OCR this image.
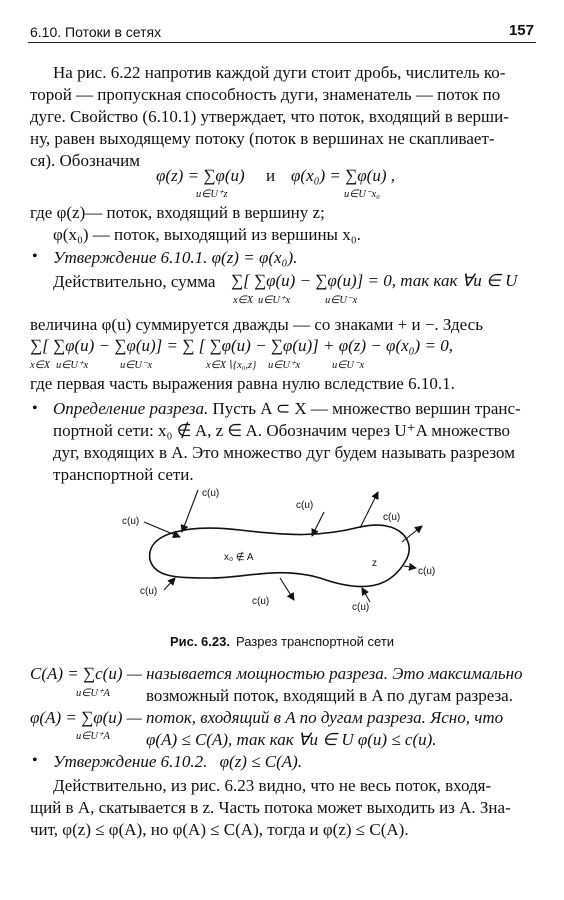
6.10. Потоки в сетях	157
На рис. 6.22 напротив каждой дуги стоит дробь, числитель ко-
торой — пропускная способность дуги, знаменатель — поток по
дуге. Свойство (6.10.1) утверждает, что поток, входящий в верши-
ну, равен выходящему потоку (поток в вершинах не скапливает-
ся). Обозначим
φ(z) = ∑φ(u)
u∈U⁺z
и φ(x₀) = ∑φ(u) ,
u∈U⁻x₀
где φ(z)— поток, входящий в вершину z;
φ(x₀) — поток, выходящий из вершины x₀.
• Утверждение 6.10.1. φ(z) = φ(x₀).
Действительно, сумма ∑[ ∑φ(u) − ∑φ(u)] = 0, так как ∀u ∈ U
x∈X u∈U⁺x	u∈U⁻x
величина φ(u) суммируется дважды — со знаками + и −. Здесь
∑[ ∑φ(u) − ∑φ(u)] = ∑ [ ∑φ(u) − ∑φ(u)] + φ(z) − φ(x₀) = 0,
x∈X u∈U⁺x	u∈U⁻x	x∈X∖{x₀,z} u∈U⁺x	u∈U⁻x
где первая часть выражения равна нулю вследствие 6.10.1.
• Определение разреза. Пусть A ⊂ X — множество вершин транс-
портной сети: x₀ ∉ A, z ∈ A. Обозначим через U⁺A множество
дуг, входящих в A. Это множество дуг будем называть разрезом
транспортной сети.
c(u)
c(u)
c(u)
c(u)
c(u)
c(u)
c(u)
c(u)
x₀ ∉ A
z
Рис. 6.23. Разрез транспортной сети
C(A) = ∑c(u) — называется мощностью разреза. Это максимально
u∈U⁺A возможный поток, входящий в A по дугам разреза.
φ(A) = ∑φ(u) — поток, входящий в A по дугам разреза. Ясно, что
u∈U⁺A φ(A) ≤ C(A), так как ∀u ∈ U φ(u) ≤ c(u).
• Утверждение 6.10.2. φ(z) ≤ C(A).
Действительно, из рис. 6.23 видно, что не весь поток, входя-
щий в A, скатывается в z. Часть потока может выходить из A. Зна-
чит, φ(z) ≤ φ(A), но φ(A) ≤ C(A), тогда и φ(z) ≤ C(A).
